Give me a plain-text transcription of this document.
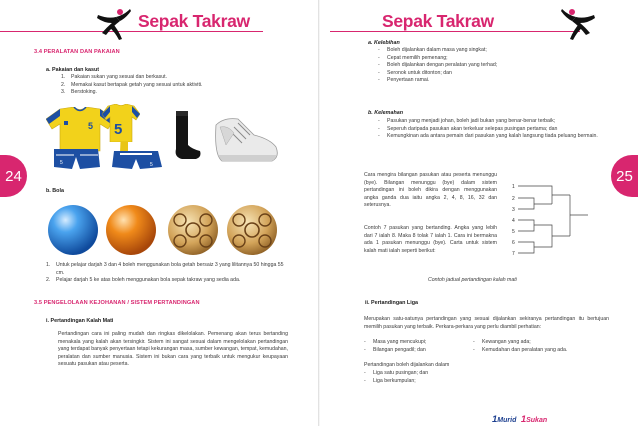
Sepak Takraw	Sepak Takraw
24	25
3.4 PERALATAN DAN PAKAIAN
a. Pakaian dan kasut
1. Pakaian sukan yang sesuai dan berkasut.
2. Memakai kasut bertapak getah yang sesuai untuk aktiviti.
3. Berstoking.
5 5
5	5
b. Bola
1. Untuk pelajar darjah 3 dan 4 boleh menggunakan bola getah bersaiz 3 yang lilitannya 50 hingga 55 cm.
2. Pelajar darjah 5 ke atas boleh menggunakan bola sepak takraw yang sedia ada.
3.5 PENGELOLAAN KEJOHANAN / SISTEM PERTANDINGAN
i. Pertandingan Kalah Mati
Pertandingan cara ini paling mudah dan ringkas dikelolakan. Pemenang akan terus bertanding menakala yang kalah akan tersingkir. Sistem ini sangat sesuai dalam mengelolakan pertandingan yang terdapat banyak penyertaan tetapi kekurangan masa, sumber kewangan, tempat, kemudahan, peralatan dan sumber manusia. Sistem ini bukan cara yang terbaik untuk mengukur keupayaan sesuatu pasukan atau peserta.
a. Kelebihan
- Boleh dijalankan dalam masa yang singkat;
- Cepat memilih pemenang;
- Boleh dijalankan dengan peralatan yang terhad;
- Seronok untuk ditonton; dan
- Penyertaan ramai.
b. Kelemahan
- Pasukan yang menjadi johan, boleh jadi bukan yang benar-benar terbaik;
- Seperuh daripada pasukan akan terkeluar selepas pusingan pertama; dan
- Kemungkinan ada antara pemain dari pasukan yang kalah langsung tiada peluang bermain.
Cara mengira bilangan pasukan atau peserta menunggu (bye). Bilangan menunggu (bye) dalam sistem pertandingan ini boleh dikira dengan menggunakan angka ganda dua iaitu angka 2, 4, 8, 16, 32 dan seterusnya.
Contoh 7 pasukan yang bertanding. Angka yang lebih dari 7 ialah 8. Maka 8 tolak 7 ialah 1. Cara ini bermakna ada 1 pasukan menunggu (bye). Carta untuk sistem kalah mati ialah seperti berikut:
1
2
3
4
5
6
7
Contoh jadual pertandingan kalah mati
ii. Pertandingan Liga
Merupakan satu-satunya pertandingan yang sesuai dijalankan sekiranya pertandingan itu bertujuan memilih pasukan yang terbaik. Perkara-perkara yang perlu diambil perhatian:
- Masa yang mencukupi;
- Bilangan pengadil; dan
- Kewangan yang ada;
- Kemudahan dan peralatan yang ada.
Pertandingan boleh dijalankan dalam
- Liga satu pusingan; dan
- Liga berkumpulan;
1Murid 1Sukan
